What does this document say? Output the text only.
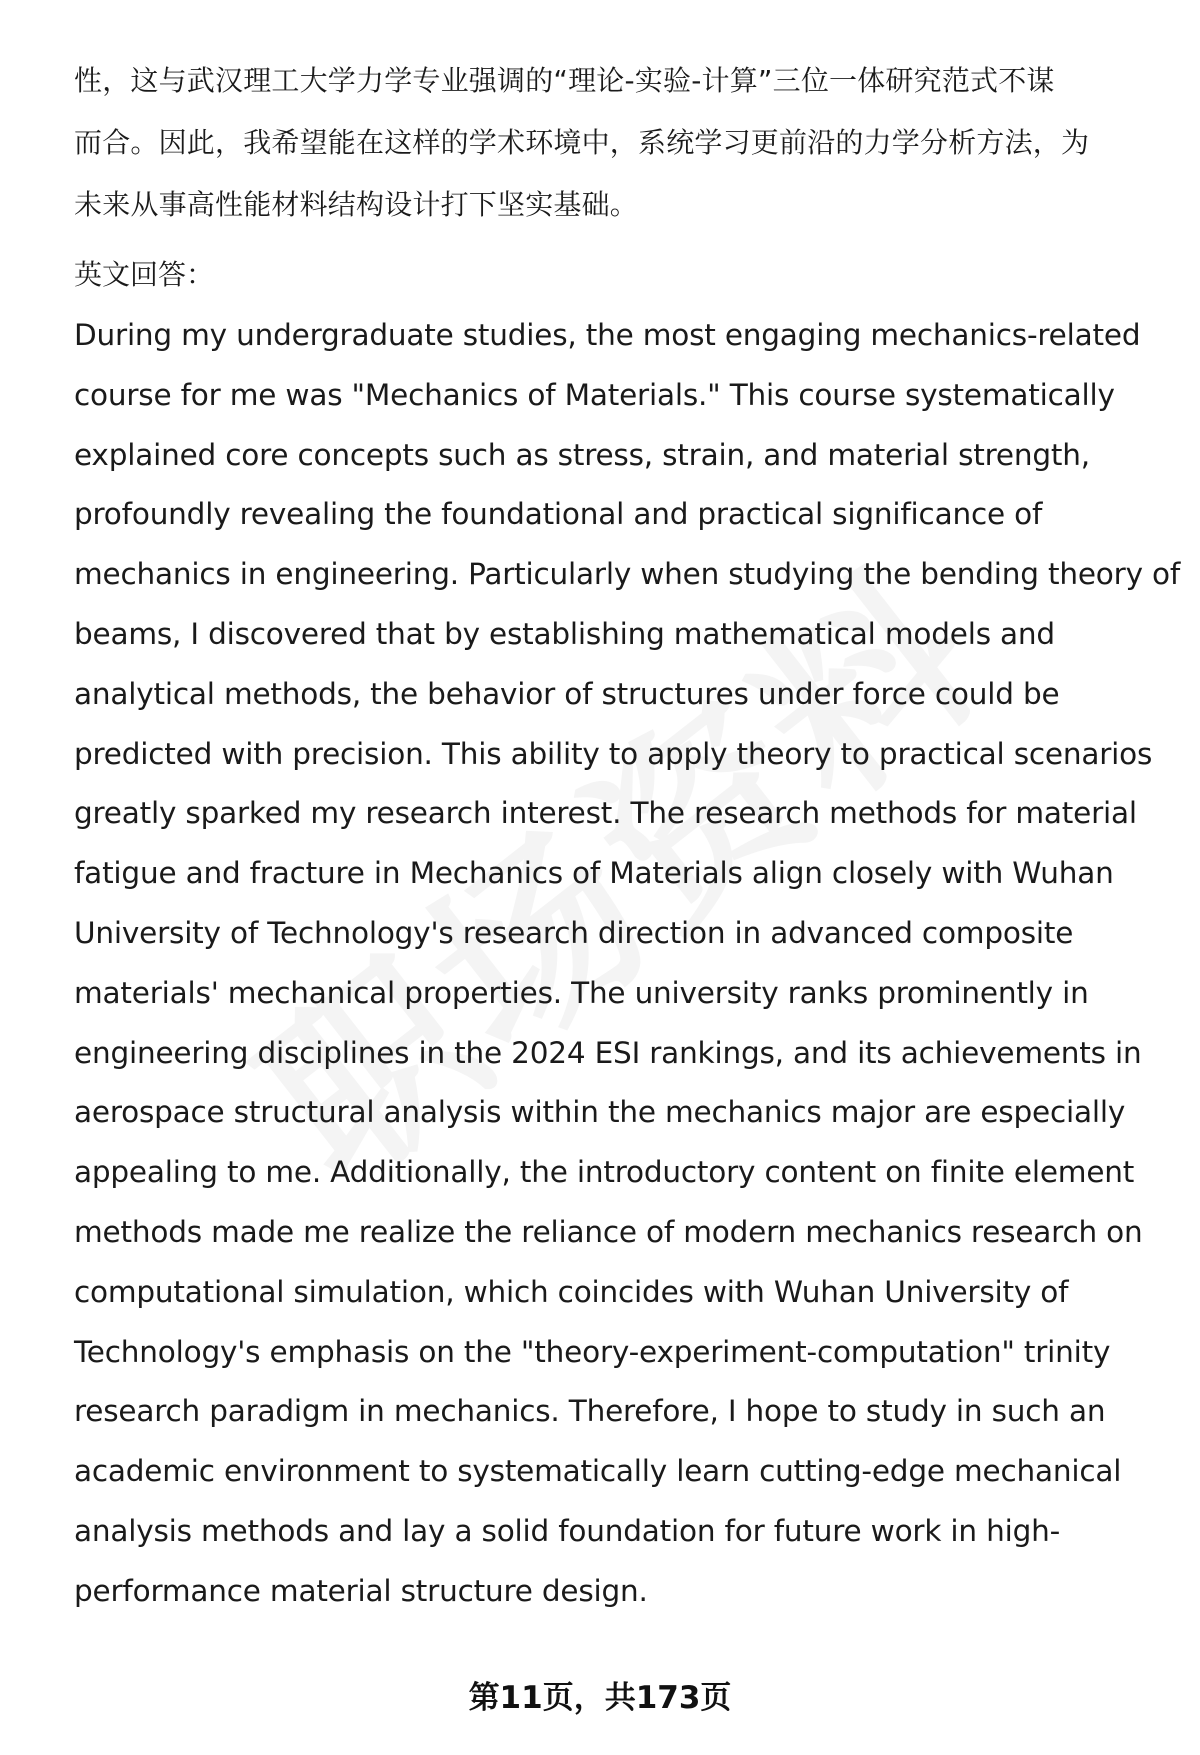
性，这与武汉理工大学力学专业强调的“理论-实验-计算”三位一体研究范式不谋
而合。因此，我希望能在这样的学术环境中，系统学习更前沿的力学分析方法，为
未来从事高性能材料结构设计打下坚实基础。

英文回答：

During my undergraduate studies, the most engaging mechanics-related
course for me was "Mechanics of Materials." This course systematically
explained core concepts such as stress, strain, and material strength,
profoundly revealing the foundational and practical significance of
mechanics in engineering. Particularly when studying the bending theory of
beams, I discovered that by establishing mathematical models and
analytical methods, the behavior of structures under force could be
predicted with precision. This ability to apply theory to practical scenarios
greatly sparked my research interest. The research methods for material
fatigue and fracture in Mechanics of Materials align closely with Wuhan
University of Technology's research direction in advanced composite
materials' mechanical properties. The university ranks prominently in
engineering disciplines in the 2024 ESI rankings, and its achievements in
aerospace structural analysis within the mechanics major are especially
appealing to me. Additionally, the introductory content on finite element
methods made me realize the reliance of modern mechanics research on
computational simulation, which coincides with Wuhan University of
Technology's emphasis on the "theory-experiment-computation" trinity
research paradigm in mechanics. Therefore, I hope to study in such an
academic environment to systematically learn cutting-edge mechanical
analysis methods and lay a solid foundation for future work in high-
performance material structure design.

第11页，共173页
